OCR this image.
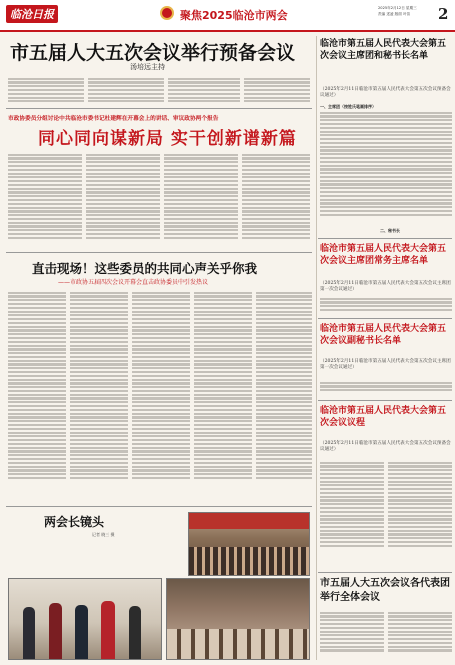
临沧日报	聚焦2025临沧市两会
2025年2月12日 星期三
责编 述凌 版面 叶苗 2
市五届人大五次会议举行预备会议
汤培远主持
市政协委员分组讨论中共临沧市委书记杜建辉在开幕会上的讲话、审议政协两个报告
同心同向谋新局 实干创新谱新篇
直击现场！这些委员的共同心声关乎你我
——市政协五届四次会议开幕会直击政协委员中引发热议
两会长镜头
记者 晓三 摄
临沧市第五届人民代表大会第五次会议主席团和秘书长名单
（2025年2月11日临沧市第五届人民代表大会第五次会议预备会议通过）
一、主席团（按姓氏笔画排序）
二、秘书长
临沧市第五届人民代表大会第五次会议主席团常务主席名单
（2025年2月11日临沧市第五届人民代表大会第五次会议主席团第一次会议通过）
临沧市第五届人民代表大会第五次会议副秘书长名单
（2025年2月11日临沧市第五届人民代表大会第五次会议主席团第一次会议通过）
临沧市第五届人民代表大会第五次会议议程
（2025年2月11日临沧市第五届人民代表大会第五次会议预备会议通过）
市五届人大五次会议各代表团举行全体会议
